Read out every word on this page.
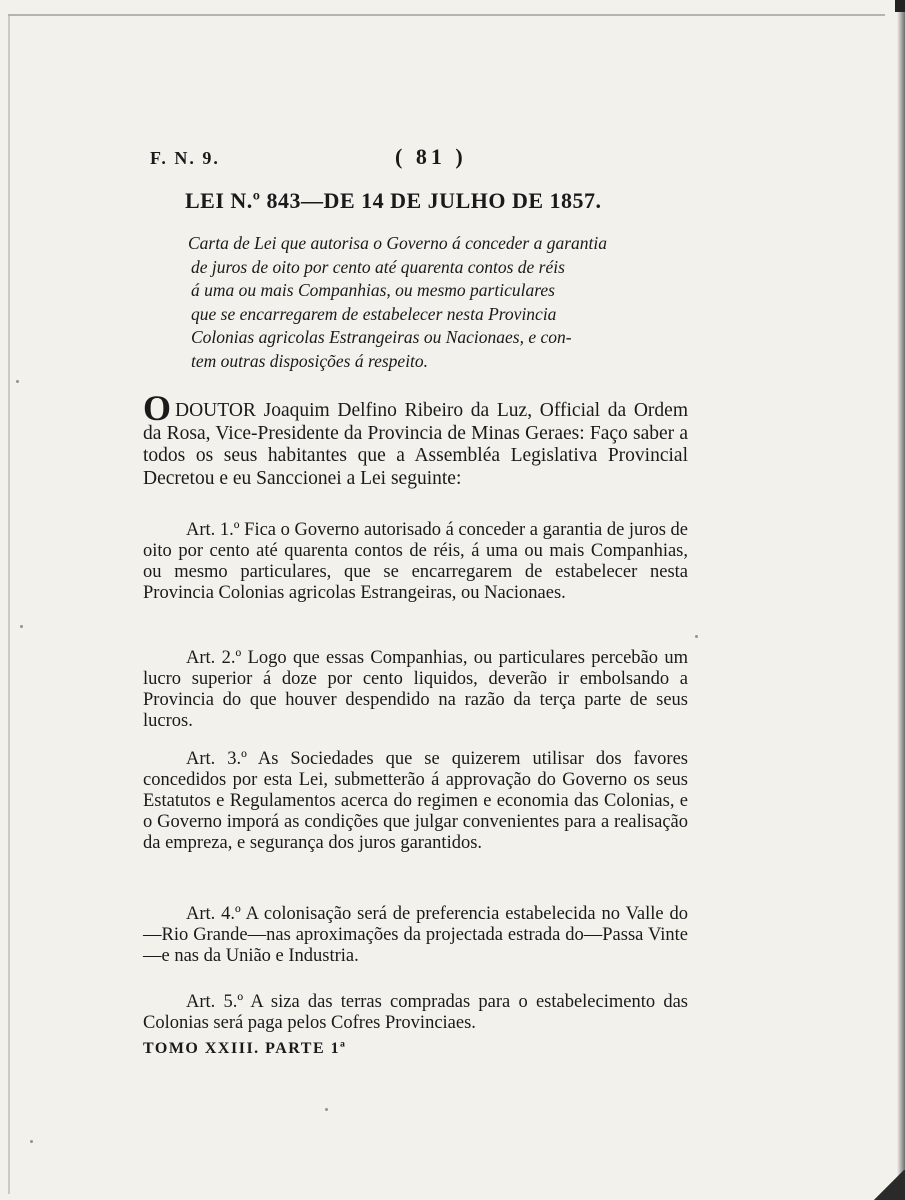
F. N. 9.	( 81 )
LEI N.º 843—DE 14 DE JULHO DE 1857.
Carta de Lei que autorisa o Governo á conceder a garantia
de juros de oito por cento até quarenta contos de réis
á uma ou mais Companhias, ou mesmo particulares
que se encarregarem de estabelecer nesta Provincia
Colonias agricolas Estrangeiras ou Nacionaes, e con-
tem outras disposições á respeito.
ODOUTOR Joaquim Delfino Ribeiro da Luz, Official da Ordem da Rosa, Vice-Presidente da Provincia de Minas Geraes: Faço saber a todos os seus habitantes que a Assembléa Legislativa Provincial Decretou e eu Sanccionei a Lei seguinte:
Art. 1.º Fica o Governo autorisado á conceder a garantia de juros de oito por cento até quarenta contos de réis, á uma ou mais Companhias, ou mesmo particulares, que se encarregarem de estabelecer nesta Provincia Colonias agricolas Estrangeiras, ou Nacionaes.
Art. 2.º Logo que essas Companhias, ou particulares percebão um lucro superior á doze por cento liquidos, deverão ir embolsando a Provincia do que houver despendido na razão da terça parte de seus lucros.
Art. 3.º As Sociedades que se quizerem utilisar dos favores concedidos por esta Lei, submetterão á approvação do Governo os seus Estatutos e Regulamentos acerca do regimen e economia das Colonias, e o Governo imporá as condições que julgar convenientes para a realisação da empreza, e segurança dos juros garantidos.
Art. 4.º A colonisação será de preferencia estabelecida no Valle do—Rio Grande—nas aproximações da projectada estrada do—Passa Vinte—e nas da União e Industria.
Art. 5.º A siza das terras compradas para o estabelecimento das Colonias será paga pelos Cofres Provinciaes.
TOMO XXIII. PARTE 1ª
